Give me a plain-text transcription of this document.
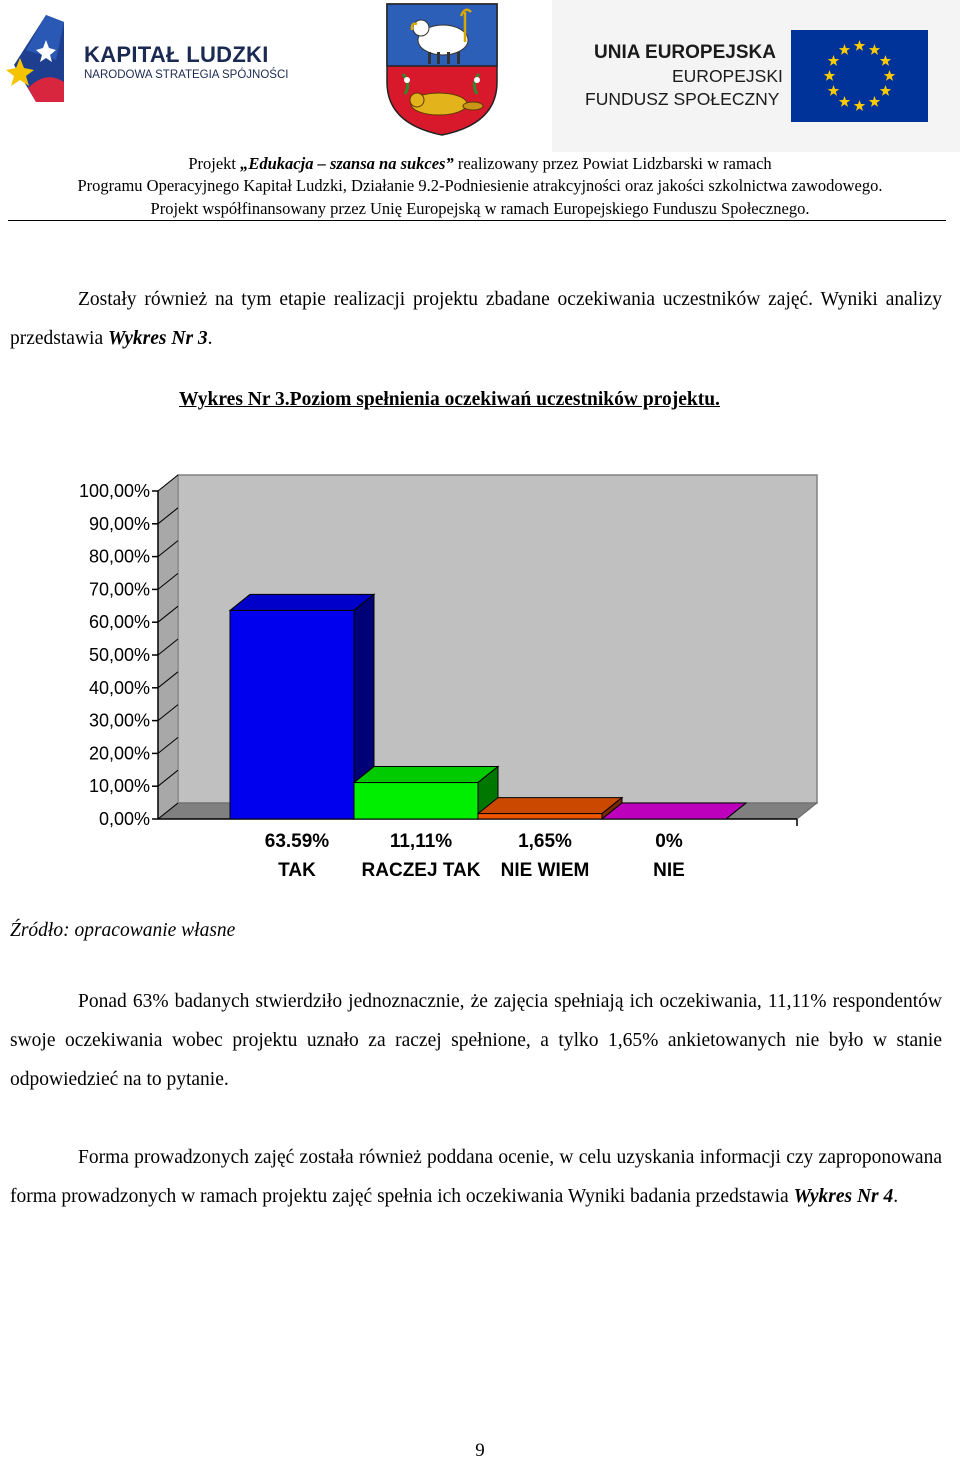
KAPITAŁ LUDZKI
NARODOWA STRATEGIA SPÓJNOŚCI
UNIA EUROPEJSKA
EUROPEJSKI
FUNDUSZ SPOŁECZNY
Projekt „Edukacja – szansa na sukces” realizowany przez Powiat Lidzbarski w ramach
Programu Operacyjnego Kapitał Ludzki, Działanie 9.2-Podniesienie atrakcyjności oraz jakości szkolnictwa zawodowego.
Projekt współfinansowany przez Unię Europejską w ramach Europejskiego Funduszu Społecznego.

Zostały również na tym etapie realizacji projektu zbadane oczekiwania uczestników zajęć. Wyniki analizy przedstawia Wykres Nr 3.

Wykres Nr 3.Poziom spełnienia oczekiwań uczestników projektu.
0,00%
10,00%
20,00%
30,00%
40,00%
50,00%
60,00%
70,00%
80,00%
90,00%
100,00%
63.59%
TAK
11,11%
RACZEJ TAK
1,65%
NIE WIEM
0%
NIE
Źródło: opracowanie własne

Ponad 63% badanych stwierdziło jednoznacznie, że zajęcia spełniają ich oczekiwania, 11,11% respondentów swoje oczekiwania wobec projektu uznało za raczej spełnione, a tylko 1,65% ankietowanych nie było w stanie odpowiedzieć na to pytanie.

Forma prowadzonych zajęć została również poddana ocenie, w celu uzyskania informacji czy zaproponowana forma prowadzonych w ramach projektu zajęć spełnia ich oczekiwania Wyniki badania przedstawia Wykres Nr 4.

9
